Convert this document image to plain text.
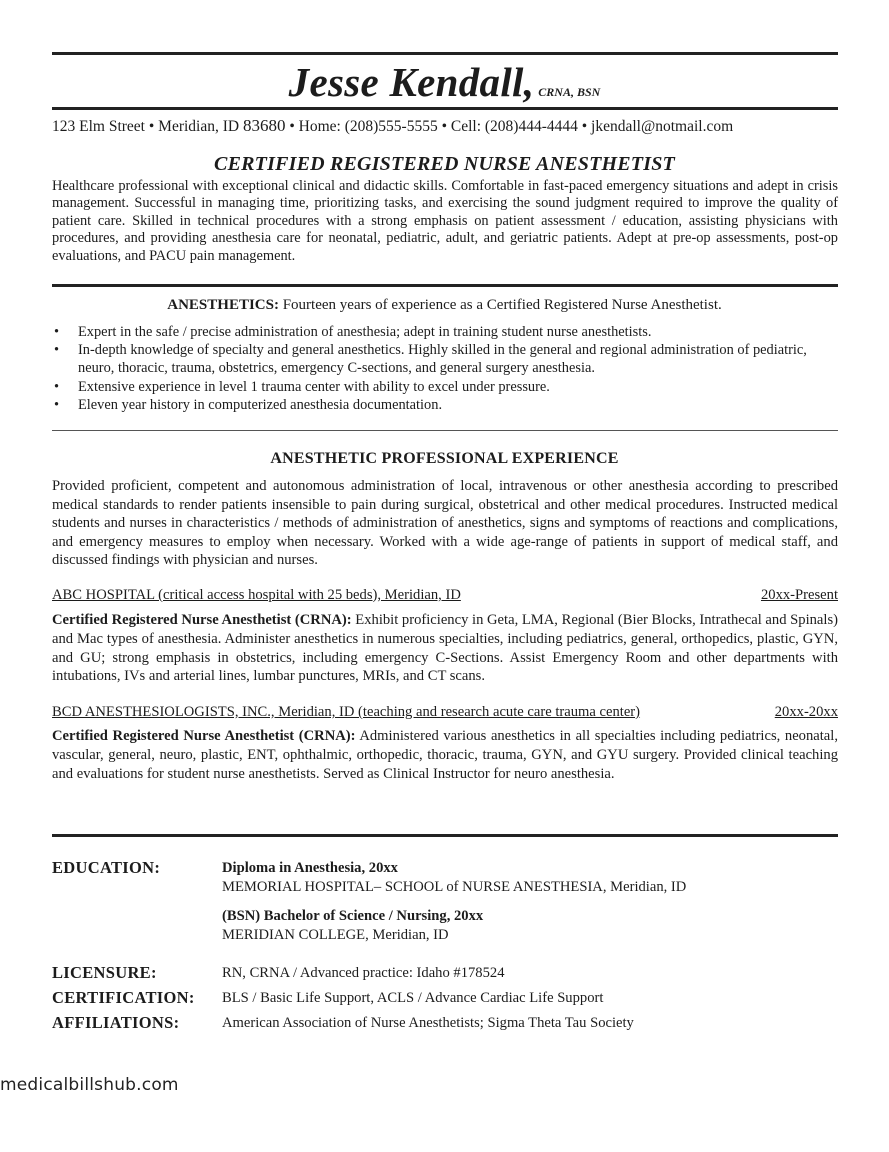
Jesse Kendall, CRNA, BSN
123 Elm Street • Meridian, ID 83680 • Home: (208)555-5555 • Cell: (208)444-4444 • jkendall@notmail.com
CERTIFIED REGISTERED NURSE ANESTHETIST

Healthcare professional with exceptional clinical and didactic skills. Comfortable in fast-paced emergency situations and adept in crisis management. Successful in managing time, prioritizing tasks, and exercising the sound judgment required to improve the quality of patient care. Skilled in technical procedures with a strong emphasis on patient assessment / education, assisting physicians with procedures, and providing anesthesia care for neonatal, pediatric, adult, and geriatric patients. Adept at pre-op assessments, post-op evaluations, and PACU pain management.

ANESTHETICS: Fourteen years of experience as a Certified Registered Nurse Anesthetist.
• Expert in the safe / precise administration of anesthesia; adept in training student nurse anesthetists.
• In-depth knowledge of specialty and general anesthetics. Highly skilled in the general and regional administration of pediatric, neuro, thoracic, trauma, obstetrics, emergency C-sections, and general surgery anesthesia.
• Extensive experience in level 1 trauma center with ability to excel under pressure.
• Eleven year history in computerized anesthesia documentation.
ANESTHETIC PROFESSIONAL EXPERIENCE

Provided proficient, competent and autonomous administration of local, intravenous or other anesthesia according to prescribed medical standards to render patients insensible to pain during surgical, obstetrical and other medical procedures. Instructed medical students and nurses in characteristics / methods of administration of anesthetics, signs and symptoms of reactions and complications, and emergency measures to employ when necessary. Worked with a wide age-range of patients in support of medical staff, and discussed findings with physician and nurses.

ABC HOSPITAL (critical access hospital with 25 beds), Meridian, ID	20xx-Present
Certified Registered Nurse Anesthetist (CRNA): Exhibit proficiency in Geta, LMA, Regional (Bier Blocks, Intrathecal and Spinals) and Mac types of anesthesia. Administer anesthetics in numerous specialties, including pediatrics, general, orthopedics, plastic, GYN, and GU; strong emphasis in obstetrics, including emergency C-Sections. Assist Emergency Room and other departments with intubations, IVs and arterial lines, lumbar punctures, MRIs, and CT scans.
BCD ANESTHESIOLOGISTS, INC., Meridian, ID (teaching and research acute care trauma center)	20xx-20xx
Certified Registered Nurse Anesthetist (CRNA): Administered various anesthetics in all specialties including pediatrics, neonatal, vascular, general, neuro, plastic, ENT, ophthalmic, orthopedic, thoracic, trauma, GYN, and GYU surgery. Provided clinical teaching and evaluations for student nurse anesthetists. Served as Clinical Instructor for neuro anesthesia.
EDUCATION:	Diploma in Anesthesia, 20xx
MEMORIAL HOSPITAL– SCHOOL of NURSE ANESTHESIA, Meridian, ID
(BSN) Bachelor of Science / Nursing, 20xx
MERIDIAN COLLEGE, Meridian, ID
LICENSURE:	RN, CRNA / Advanced practice: Idaho #178524
CERTIFICATION: BLS / Basic Life Support, ACLS / Advance Cardiac Life Support
AFFILIATIONS:	American Association of Nurse Anesthetists; Sigma Theta Tau Society
medicalbillshub.com
